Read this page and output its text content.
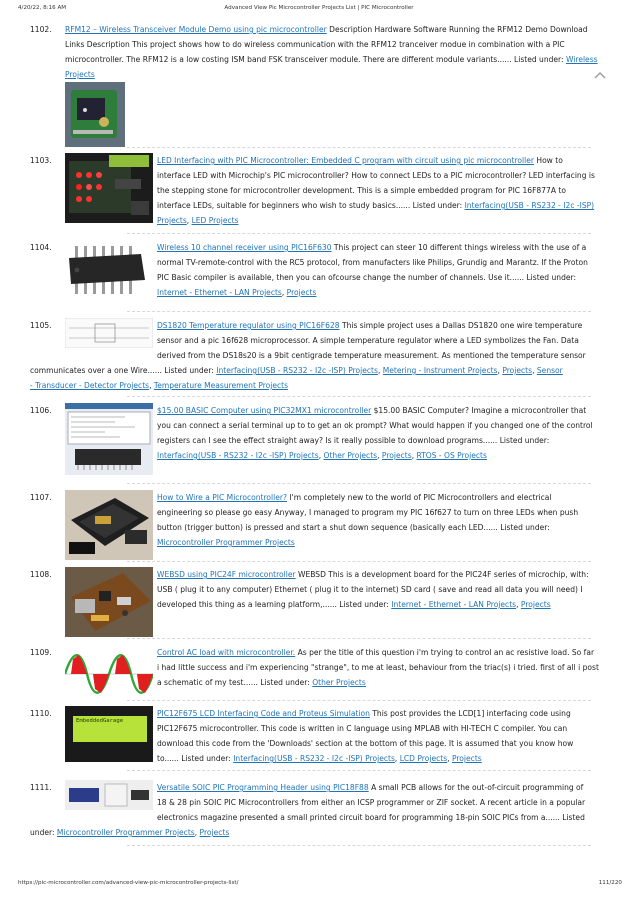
4/20/22, 8:16 AM	Advanced View Pic Microcontroller Projects List | PIC Microcontroller
1102.	RFM12 – Wireless Transceiver Module Demo using pic microcontroller Description Hardware Software Running the RFM12 Demo Download
Links Description This project shows how to do wireless communication with the RFM12 tranceiver modue in combination with a PIC
microcontroller. The RFM12 is a low costing ISM band FSK transceiver module. There are different module variants...... Listed under: Wireless
Projects
1103.	LED Interfacing with PIC Microcontroller: Embedded C program with circuit using pic microcontroller How to
interface LED with Microchip's PIC microcontroller? How to connect LEDs to a PIC microcontroller? LED interfacing is
the stepping stone for microcontroller development. This is a simple embedded program for PIC 16F877A to
interface LEDs, suitable for beginners who wish to study basics...... Listed under: Interfacing(USB - RS232 - I2c -ISP)
Projects, LED Projects
1104.	Wireless 10 channel receiver using PIC16F630 This project can steer 10 different things wireless with the use of a
normal TV-remote-control with the RC5 protocol, from manufacters like Philips, Grundig and Marantz. If the Proton
PIC Basic compiler is available, then you can ofcourse change the number of channels. Use it...... Listed under:
Internet - Ethernet - LAN Projects, Projects
1105.	DS1820 Temperature regulator using PIC16F628 This simple project uses a Dallas DS1820 one wire temperature
sensor and a pic 16f628 microprocessor. A simple temperature regulator where a LED symbolizes the Fan. Data
derived from the DS18s20 is a 9bit centigrade temperature measurement. As mentioned the temperature sensor
communicates over a one Wire...... Listed under: Interfacing(USB - RS232 - I2c -ISP) Projects, Metering - Instrument Projects, Projects, Sensor
- Transducer - Detector Projects, Temperature Measurement Projects
1106.	$15.00 BASIC Computer using PIC32MX1 microcontroller $15.00 BASIC Computer? Imagine a microcontroller that
you can connect a serial terminal up to to get an ok prompt? What would happen if you changed one of the control
registers can I see the effect straight away? Is it really possible to download programs...... Listed under:
Interfacing(USB - RS232 - I2c -ISP) Projects, Other Projects, Projects, RTOS - OS Projects
1107.	How to Wire a PIC Microcontroller? I'm completely new to the world of PIC Microcontrollers and electrical
engineering so please go easy Anyway, I managed to program my PIC 16f627 to turn on three LEDs when push
button (trigger button) is pressed and start a shut down sequence (basically each LED...... Listed under:
Microcontroller Programmer Projects
1108.	WEBSD using PIC24F microcontroller WEBSD This is a development board for the PIC24F series of microchip, with:
USB ( plug it to any computer) Ethernet ( plug it to the internet) SD card ( save and read all data you will need) I
developed this thing as a learning platform,...... Listed under: Internet - Ethernet - LAN Projects, Projects
1109.	Control AC load with microcontroller. As per the title of this question i'm trying to control an ac resistive load. So far
i had little success and i'm experiencing "strange", to me at least, behaviour from the triac(s) i tried. first of all i post
a schematic of my test...... Listed under: Other Projects
1110.
EmbeddedGarage
PIC12F675 LCD Interfacing Code and Proteus Simulation This post provides the LCD[1] interfacing code using
PIC12F675 microcontroller. This code is written in C language using MPLAB with HI-TECH C compiler. You can
download this code from the 'Downloads' section at the bottom of this page. It is assumed that you know how
to...... Listed under: Interfacing(USB - RS232 - I2c -ISP) Projects, LCD Projects, Projects
1111.	Versatile SOIC PIC Programming Header using PIC18F88 A small PCB allows for the out-of-circuit programming of
18 & 28 pin SOIC PIC Microcontrollers from either an ICSP programmer or ZIF socket. A recent article in a popular
electronics magazine presented a small printed circuit board for programming 18-pin SOIC PICs from a...... Listed
under: Microcontroller Programmer Projects, Projects
https://pic-microcontroller.com/advanced-view-pic-microcontroller-projects-list/	111/220
